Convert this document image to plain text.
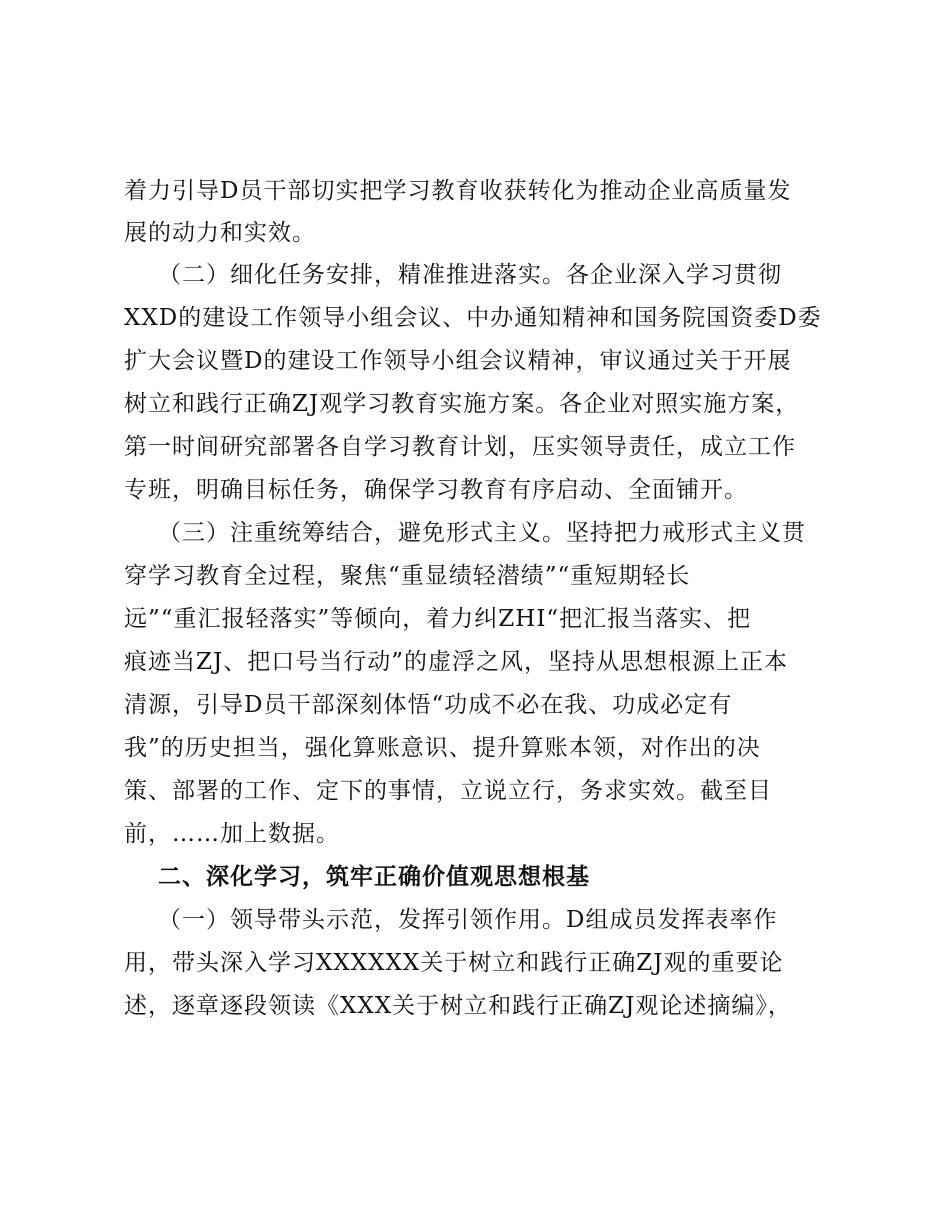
着力引导D员干部切实把学习教育收获转化为推动企业高质量发
展的动力和实效。
（二）细化任务安排，精准推进落实。各企业深入学习贯彻
XXD的建设工作领导小组会议、中办通知精神和国务院国资委D委
扩大会议暨D的建设工作领导小组会议精神，审议通过关于开展
树立和践行正确ZJ观学习教育实施方案。各企业对照实施方案，
第一时间研究部署各自学习教育计划，压实领导责任，成立工作
专班，明确目标任务，确保学习教育有序启动、全面铺开。
（三）注重统筹结合，避免形式主义。坚持把力戒形式主义贯
穿学习教育全过程，聚焦“重显绩轻潜绩”“重短期轻长
远”“重汇报轻落实”等倾向，着力纠ZHI“把汇报当落实、把
痕迹当ZJ、把口号当行动”的虚浮之风，坚持从思想根源上正本
清源，引导D员干部深刻体悟“功成不必在我、功成必定有
我”的历史担当，强化算账意识、提升算账本领，对作出的决
策、部署的工作、定下的事情，立说立行，务求实效。截至目
前，……加上数据。
二、深化学习，筑牢正确价值观思想根基
（一）领导带头示范，发挥引领作用。D组成员发挥表率作
用，带头深入学习XXXXXX关于树立和践行正确ZJ观的重要论
述，逐章逐段领读《XXX关于树立和践行正确ZJ观论述摘编》，
